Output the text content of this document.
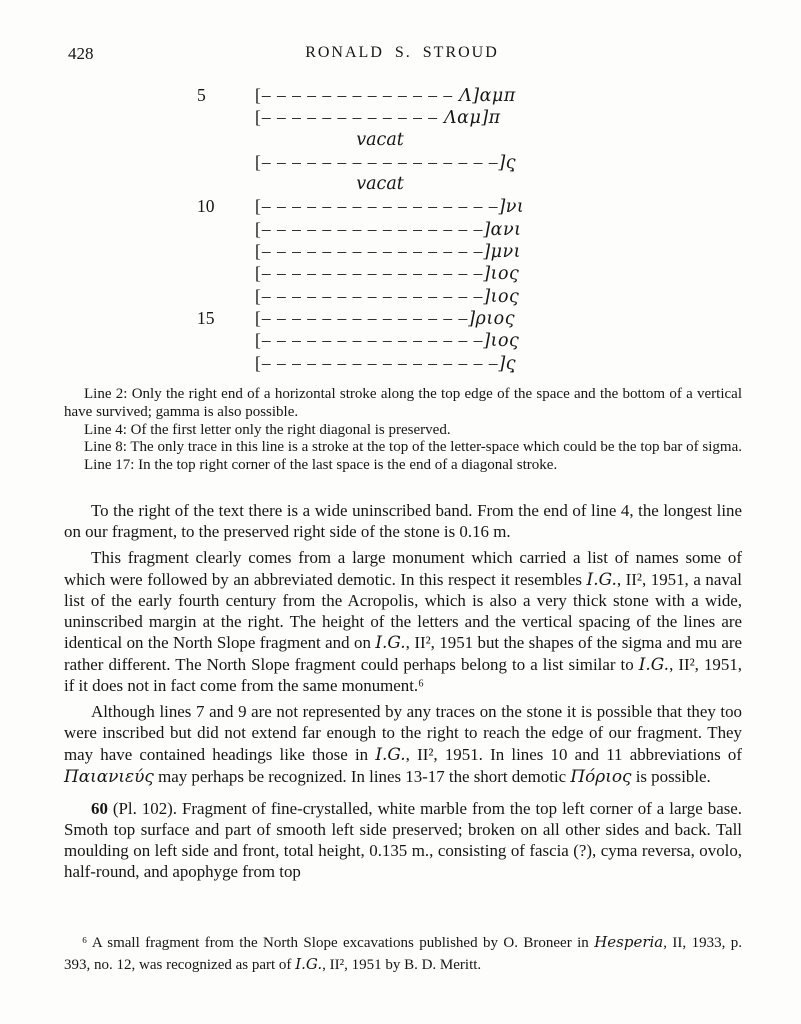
428	RONALD S. STROUD
5	[– – – – – – – – – – – – – Λ]αμπ
[– – – – – – – – – – – – Λαμ]π
vacat
[– – – – – – – – – – – – – – – –]ς̣
vacat
10	[– – – – – – – – – – – – – – – –]νι
[– – – – – – – – – – – – – – –]ανι
[– – – – – – – – – – – – – – –]μνι
[– – – – – – – – – – – – – – –]ιος
[– – – – – – – – – – – – – – –]ιος
15	[– – – – – – – – – – – – – –]ριος
[– – – – – – – – – – – – – – –]ιος
[– – – – – – – – – – – – – – – –]ς̣

Line 2: Only the right end of a horizontal stroke along the top edge of the space and the bottom of a vertical have survived; gamma is also possible.

Line 4: Of the first letter only the right diagonal is preserved.

Line 8: The only trace in this line is a stroke at the top of the letter-space which could be the top bar of sigma.

Line 17: In the top right corner of the last space is the end of a diagonal stroke.

To the right of the text there is a wide uninscribed band. From the end of line 4, the longest line on our fragment, to the preserved right side of the stone is 0.16 m.

This fragment clearly comes from a large monument which carried a list of names some of which were followed by an abbreviated demotic. In this respect it resembles I.G., II², 1951, a naval list of the early fourth century from the Acropolis, which is also a very thick stone with a wide, uninscribed margin at the right. The height of the letters and the vertical spacing of the lines are identical on the North Slope fragment and on I.G., II², 1951 but the shapes of the sigma and mu are rather different. The North Slope fragment could perhaps belong to a list similar to I.G., II², 1951, if it does not in fact come from the same monument.⁶

Although lines 7 and 9 are not represented by any traces on the stone it is possible that they too were inscribed but did not extend far enough to the right to reach the edge of our fragment. They may have contained headings like those in I.G., II², 1951. In lines 10 and 11 abbreviations of Παιανιεύς may perhaps be recognized. In lines 13-17 the short demotic Πόριος is possible.

60 (Pl. 102). Fragment of fine-crystalled, white marble from the top left corner of a large base. Smoth top surface and part of smooth left side preserved; broken on all other sides and back. Tall moulding on left side and front, total height, 0.135 m., consisting of fascia (?), cyma reversa, ovolo, half-round, and apophyge from top

⁶ A small fragment from the North Slope excavations published by O. Broneer in Hesperia, II, 1933, p. 393, no. 12, was recognized as part of I.G., II², 1951 by B. D. Meritt.
